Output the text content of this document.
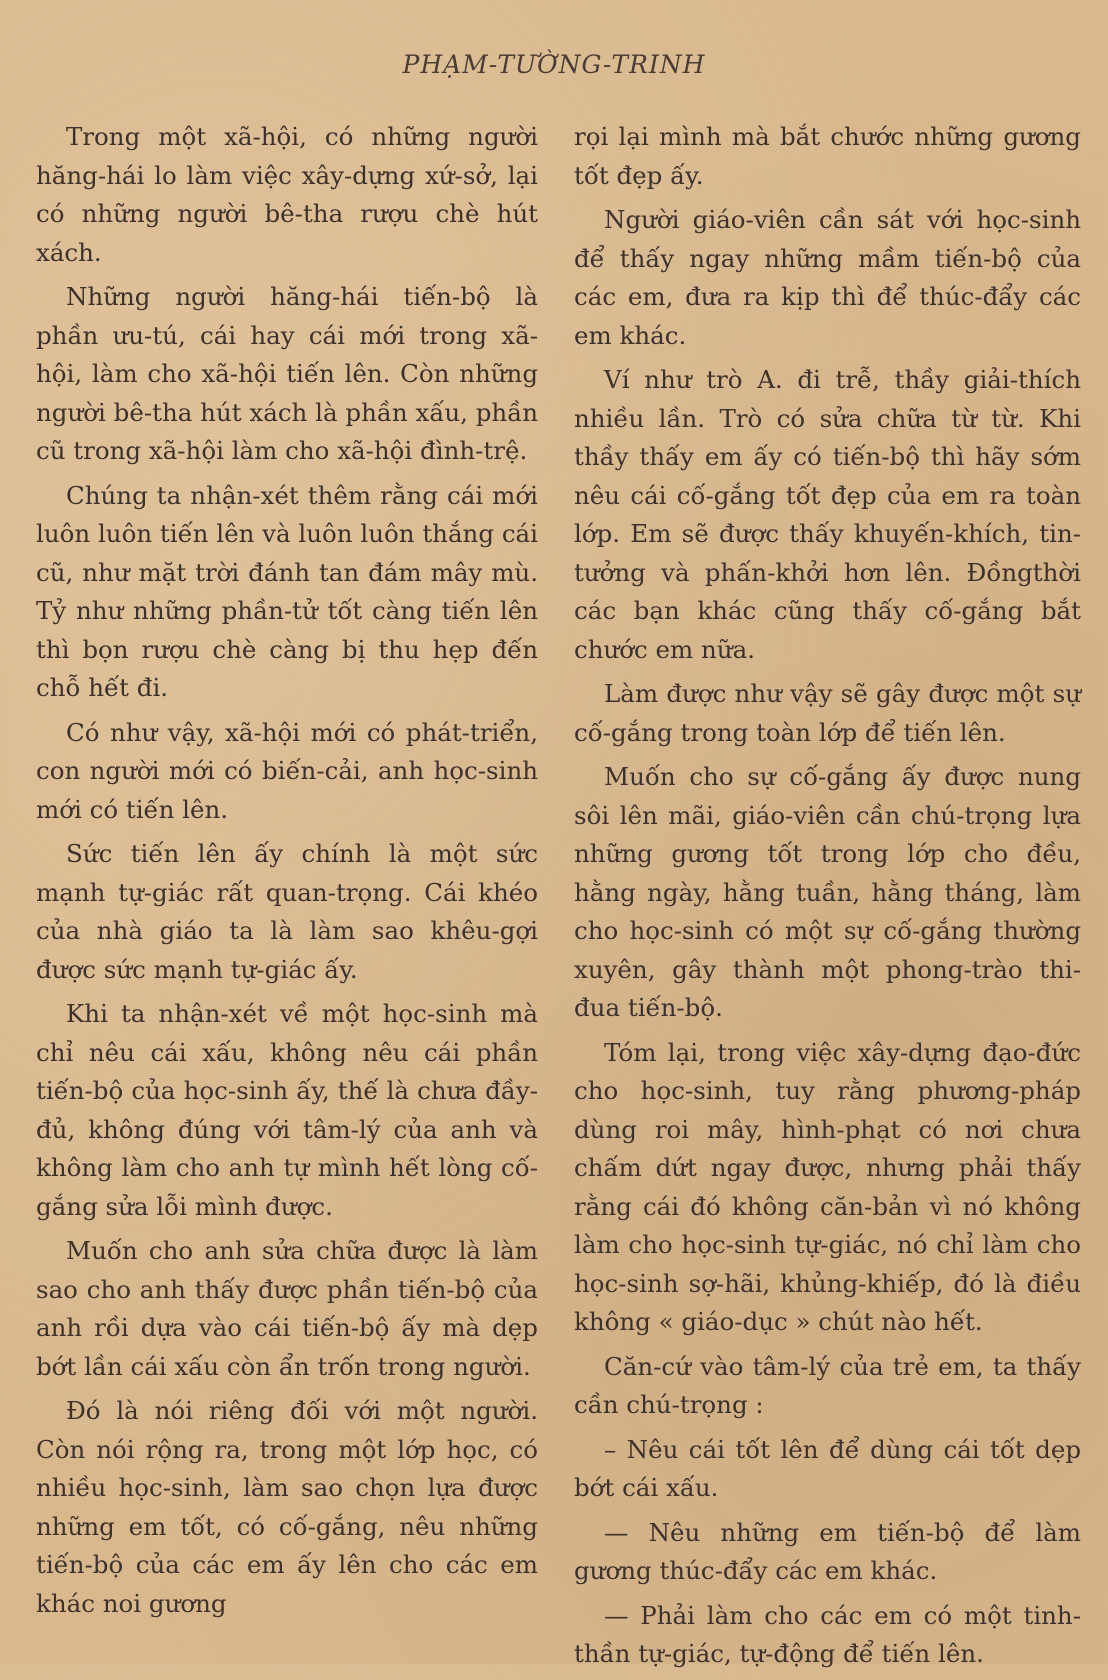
PHẠM-TƯỜNG-TRINH

Trong một xã-hội, có những người hăng-hái lo làm việc xây-dựng xứ-sở, lại có những người bê-tha rượu chè hút xách.

Những người hăng-hái tiến-bộ là phần ưu-tú, cái hay cái mới trong xã-hội, làm cho xã-hội tiến lên. Còn những người bê-tha hút xách là phần xấu, phần cũ trong xã-hội làm cho xã-hội đình-trệ.

Chúng ta nhận-xét thêm rằng cái mới luôn luôn tiến lên và luôn luôn thắng cái cũ, như mặt trời đánh tan đám mây mù. Tỷ như những phần-tử tốt càng tiến lên thì bọn rượu chè càng bị thu hẹp đến chỗ hết đi.

Có như vậy, xã-hội mới có phát-triển, con người mới có biến-cải, anh học-sinh mới có tiến lên.

Sức tiến lên ấy chính là một sức mạnh tự-giác rất quan-trọng. Cái khéo của nhà giáo ta là làm sao khêu-gợi được sức mạnh tự-giác ấy.

Khi ta nhận-xét về một học-sinh mà chỉ nêu cái xấu, không nêu cái phần tiến-bộ của học-sinh ấy, thế là chưa đầy-đủ, không đúng với tâm-lý của anh và không làm cho anh tự mình hết lòng cố-gắng sửa lỗi mình được.

Muốn cho anh sửa chữa được là làm sao cho anh thấy được phần tiến-bộ của anh rồi dựa vào cái tiến-bộ ấy mà dẹp bớt lần cái xấu còn ẩn trốn trong người.

Đó là nói riêng đối với một người. Còn nói rộng ra, trong một lớp học, có nhiều học-sinh, làm sao chọn lựa được những em tốt, có cố-gắng, nêu những tiến-bộ của các em ấy lên cho các em khác noi gương

rọi lại mình mà bắt chước những gương tốt đẹp ấy.

Người giáo-viên cần sát với học-sinh để thấy ngay những mầm tiến-bộ của các em, đưa ra kịp thì để thúc-đẩy các em khác.

Ví như trò A. đi trễ, thầy giải-thích nhiều lần. Trò có sửa chữa từ từ. Khi thầy thấy em ấy có tiến-bộ thì hãy sớm nêu cái cố-gắng tốt đẹp của em ra toàn lớp. Em sẽ được thấy khuyến-khích, tin-tưởng và phấn-khởi hơn lên. Đồngthời các bạn khác cũng thấy cố-gắng bắt chước em nữa.

Làm được như vậy sẽ gây được một sự cố-gắng trong toàn lớp để tiến lên.

Muốn cho sự cố-gắng ấy được nung sôi lên mãi, giáo-viên cần chú-trọng lựa những gương tốt trong lớp cho đều, hằng ngày, hằng tuần, hằng tháng, làm cho học-sinh có một sự cố-gắng thường xuyên, gây thành một phong-trào thi-đua tiến-bộ.

Tóm lại, trong việc xây-dựng đạo-đức cho học-sinh, tuy rằng phương-pháp dùng roi mây, hình-phạt có nơi chưa chấm dứt ngay được, nhưng phải thấy rằng cái đó không căn-bản vì nó không làm cho học-sinh tự-giác, nó chỉ làm cho học-sinh sợ-hãi, khủng-khiếp, đó là điều không « giáo-dục » chút nào hết.

Căn-cứ vào tâm-lý của trẻ em, ta thấy cần chú-trọng :

– Nêu cái tốt lên để dùng cái tốt dẹp bớt cái xấu.

— Nêu những em tiến-bộ để làm gương thúc-đẩy các em khác.

— Phải làm cho các em có một tinh-thần tự-giác, tự-động để tiến lên.
